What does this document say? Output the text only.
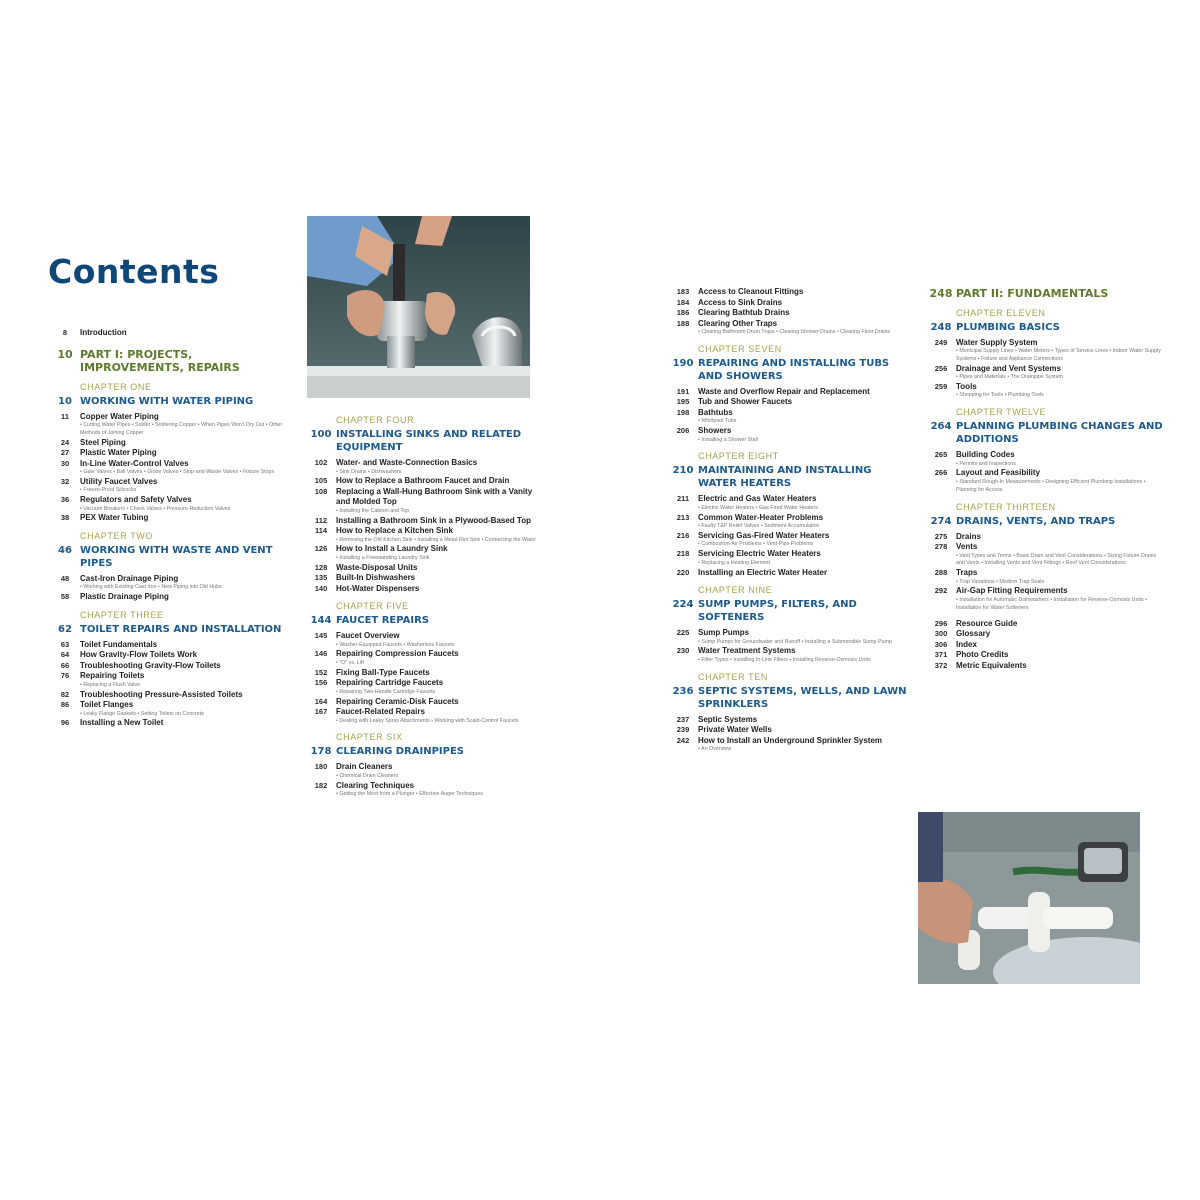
Contents
8	Introduction
10 PART I: PROJECTS, IMPROVEMENTS, REPAIRS
CHAPTER ONE
10 WORKING WITH WATER PIPING
11	Copper Water Piping
• Cutting Water Pipes • Solder • Soldering Copper • When Pipes Won't Dry Out • Other Methods of Joining Copper
24	Steel Piping
27	Plastic Water Piping
30	In-Line Water-Control Valves
• Gate Valves • Ball Valves • Globe Valves • Stop-and-Waste Valves • Fixture Stops
32	Utility Faucet Valves
• Freeze-Proof Sillcocks
36	Regulators and Safety Valves
• Vacuum Breakers • Check Valves • Pressure-Reduction Valves
38	PEX Water Tubing
CHAPTER TWO
46 WORKING WITH WASTE AND VENT PIPES
48	Cast-Iron Drainage Piping
• Working with Existing Cast Iron • New Piping into Old Hubs
58	Plastic Drainage Piping
CHAPTER THREE
62 TOILET REPAIRS AND INSTALLATION
63	Toilet Fundamentals
64	How Gravity-Flow Toilets Work
66	Troubleshooting Gravity-Flow Toilets
76	Repairing Toilets
• Replacing a Flush Valve
82	Troubleshooting Pressure-Assisted Toilets
86	Toilet Flanges
• Leaky Flange Gaskets • Setting Toilets on Concrete
96	Installing a New Toilet
CHAPTER FOUR
100 INSTALLING SINKS AND RELATED EQUIPMENT
102	Water- and Waste-Connection Basics
• Sink Drains • Dishwashers
105	How to Replace a Bathroom Faucet and Drain
108	Replacing a Wall-Hung Bathroom Sink with a Vanity and Molded Top
• Installing the Cabinet and Top
112	Installing a Bathroom Sink in a Plywood-Based Top
114	How to Replace a Kitchen Sink
• Removing the Old Kitchen Sink • Installing a Metal-Rim Sink • Connecting the Water
126	How to Install a Laundry Sink
• Installing a Freestanding Laundry Sink
128	Waste-Disposal Units
135	Built-In Dishwashers
140	Hot-Water Dispensers
CHAPTER FIVE
144 FAUCET REPAIRS
145	Faucet Overview
• Washer-Equipped Faucets • Washerless Faucets
146	Repairing Compression Faucets
• "O" vs. Lift
152	Fixing Ball-Type Faucets
156	Repairing Cartridge Faucets
• Repairing Two-Handle Cartridge Faucets
164	Repairing Ceramic-Disk Faucets
167	Faucet-Related Repairs
• Dealing with Leaky Spray Attachments • Working with Scald-Control Faucets
CHAPTER SIX
178 CLEARING DRAINPIPES
180	Drain Cleaners
• Chemical Drain Cleaners
182	Clearing Techniques
• Getting the Most from a Plunger • Effective Auger Techniques
183	Access to Cleanout Fittings
184	Access to Sink Drains
186	Clearing Bathtub Drains
188	Clearing Other Traps
• Clearing Bathroom Drum Traps • Clearing Shower Drains • Clearing Floor Drains
CHAPTER SEVEN
190 REPAIRING AND INSTALLING TUBS AND SHOWERS
191	Waste and Overflow Repair and Replacement
195	Tub and Shower Faucets
198	Bathtubs
• Whirlpool Tubs
206	Showers
• Installing a Shower Stall
CHAPTER EIGHT
210 MAINTAINING AND INSTALLING WATER HEATERS
211	Electric and Gas Water Heaters
• Electric Water Heaters • Gas-Fired Water Heaters
213	Common Water-Heater Problems
• Faulty T&P Relief Valves • Sediment Accumulation
216	Servicing Gas-Fired Water Heaters
• Combustion-Air Problems • Vent-Pipe Problems
218	Servicing Electric Water Heaters
• Replacing a Heating Element
220	Installing an Electric Water Heater
CHAPTER NINE
224 SUMP PUMPS, FILTERS, AND SOFTENERS
225	Sump Pumps
• Sump Pumps for Groundwater and Runoff • Installing a Submersible Sump Pump
230	Water Treatment Systems
• Filter Types • Installing In-Line Filters • Installing Reverse-Osmosis Units
CHAPTER TEN
236 SEPTIC SYSTEMS, WELLS, AND LAWN SPRINKLERS
237	Septic Systems
239	Private Water Wells
242	How to Install an Underground Sprinkler System
• An Overview
248 PART II: FUNDAMENTALS
CHAPTER ELEVEN
248 PLUMBING BASICS
249	Water Supply System
• Municipal Supply Lines • Water Meters • Types of Service Lines • Indoor Water Supply Systems • Fixture and Appliance Connections
256	Drainage and Vent Systems
• Pipes and Materials • The Drainpipe System
259	Tools
• Shopping for Tools • Plumbing Tools
CHAPTER TWELVE
264 PLANNING PLUMBING CHANGES AND ADDITIONS
265	Building Codes
• Permits and Inspections
266	Layout and Feasibility
• Standard Rough-In Measurements • Designing Efficient Plumbing Installations • Planning for Access
CHAPTER THIRTEEN
274 DRAINS, VENTS, AND TRAPS
275	Drains
278	Vents
• Vent Types and Terms • Basic Drain and Vent Considerations • Sizing Fixture Drains and Vents • Installing Vents and Vent Fittings • Roof Vent Considerations
288	Traps
• Trap Variations • Modern Trap Seals
292	Air-Gap Fitting Requirements
• Installation for Automatic Dishwashers • Installation for Reverse-Osmosis Units • Installation for Water Softeners
296	Resource Guide
300	Glossary
306	Index
371	Photo Credits
372	Metric Equivalents
